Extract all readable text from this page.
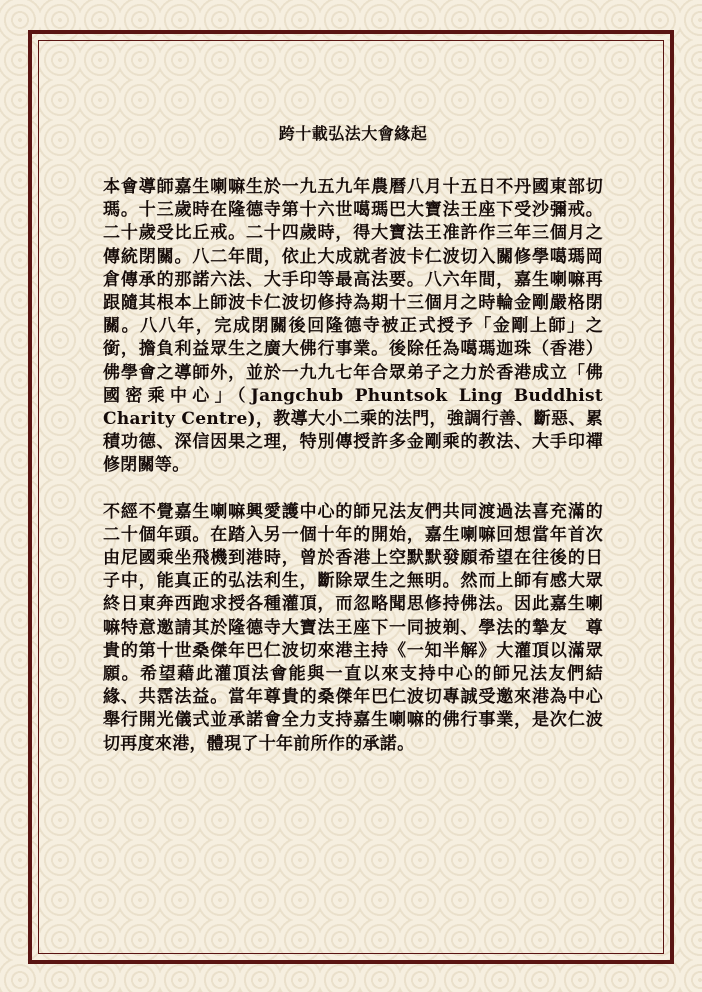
跨十載弘法大會緣起

本會導師嘉生喇嘛生於一九五九年農曆八月十五日不丹國東部切瑪。十三歲時在隆德寺第十六世噶瑪巴大寶法王座下受沙彌戒。二十歲受比丘戒。二十四歲時，得大寶法王准許作三年三個月之傳統閉關。八二年間，依止大成就者波卡仁波切入關修學噶瑪岡倉傳承的那諾六法、大手印等最高法要。八六年間，嘉生喇嘛再跟隨其根本上師波卡仁波切修持為期十三個月之時輪金剛嚴格閉關。八八年，完成閉關後回隆德寺被正式授予「金剛上師」之銜，擔負利益眾生之廣大佛行事業。後除任為噶瑪迦珠（香港）佛學會之導師外，並於一九九七年合眾弟子之力於香港成立「佛國密乘中心」（Jangchub Phuntsok Ling Buddhist Charity Centre)，教導大小二乘的法門，強調行善、斷惡、累積功德、深信因果之理，特別傳授許多金剛乘的教法、大手印禪修閉關等。

不經不覺嘉生喇嘛興愛護中心的師兄法友們共同渡過法喜充滿的二十個年頭。在踏入另一個十年的開始，嘉生喇嘛回想當年首次由尼國乘坐飛機到港時，曾於香港上空默默發願希望在往後的日子中，能真正的弘法利生，斷除眾生之無明。然而上師有感大眾終日東奔西跑求授各種灌頂，而忽略聞思修持佛法。因此嘉生喇嘛特意邀請其於隆德寺大寶法王座下一同披剃、學法的摯友　尊貴的第十世桑傑年巴仁波切來港主持《一知半解》大灌頂以滿眾願。希望藉此灌頂法會能與一直以來支持中心的師兄法友們結緣、共霑法益。當年尊貴的桑傑年巴仁波切專誠受邀來港為中心舉行開光儀式並承諾會全力支持嘉生喇嘛的佛行事業，是次仁波切再度來港，體現了十年前所作的承諾。
